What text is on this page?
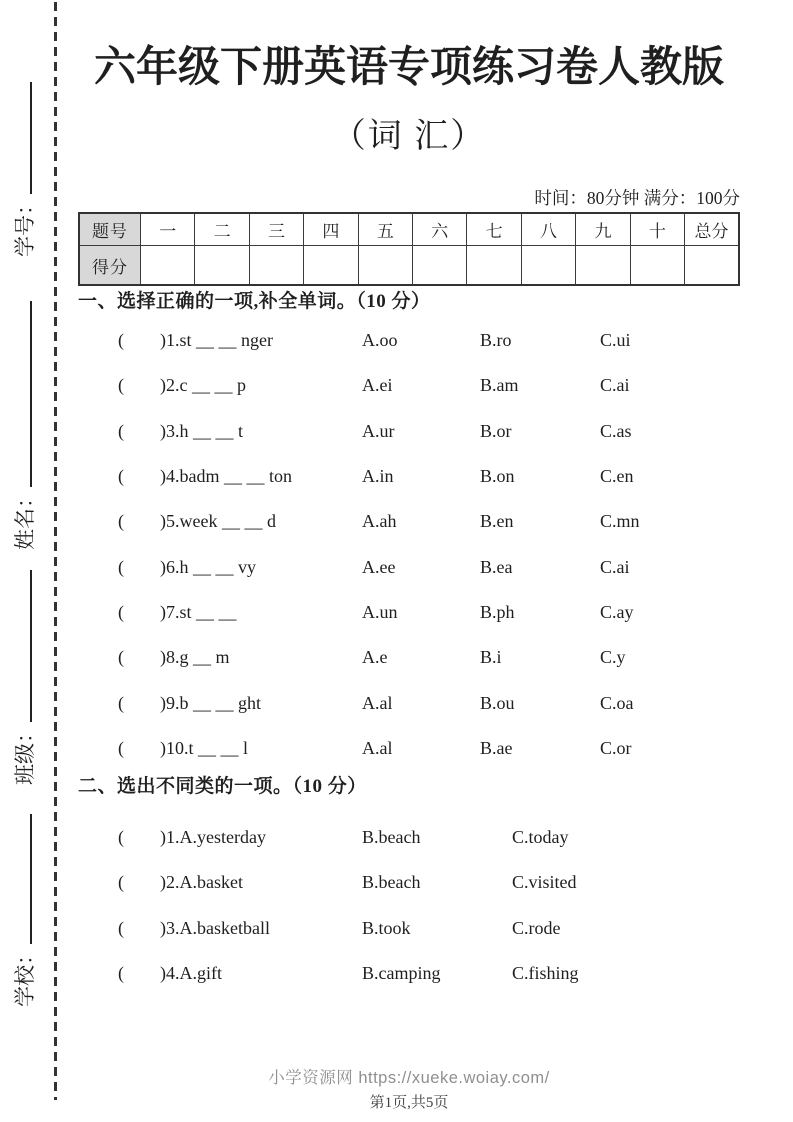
学号：
姓名：
班级：
学校：
六年级下册英语专项练习卷人教版
（词 汇）
时间：80分钟 满分：100分
题号	一	二	三	四	五	六	七	八	九	十	总分
得分											
一、选择正确的一项,补全单词。（10 分）
(	)1.st __ __ nger	A.oo	B.ro	C.ui
(	)2.c __ __ p	A.ei	B.am	C.ai
(	)3.h __ __ t	A.ur	B.or	C.as
(	)4.badm __ __ ton	A.in	B.on	C.en
(	)5.week __ __ d	A.ah	B.en	C.mn
(	)6.h __ __ vy	A.ee	B.ea	C.ai
(	)7.st __ __	A.un	B.ph	C.ay
(	)8.g __ m	A.e	B.i	C.y
(	)9.b __ __ ght	A.al	B.ou	C.oa
(	)10.t __ __ l	A.al	B.ae	C.or
二、选出不同类的一项。（10 分）
(	)1.A.yesterday	B.beach	C.today
(	)2.A.basket	B.beach	C.visited
(	)3.A.basketball	B.took	C.rode
(	)4.A.gift	B.camping	C.fishing
小学资源网 https://xueke.woiay.com/
第1页,共5页
